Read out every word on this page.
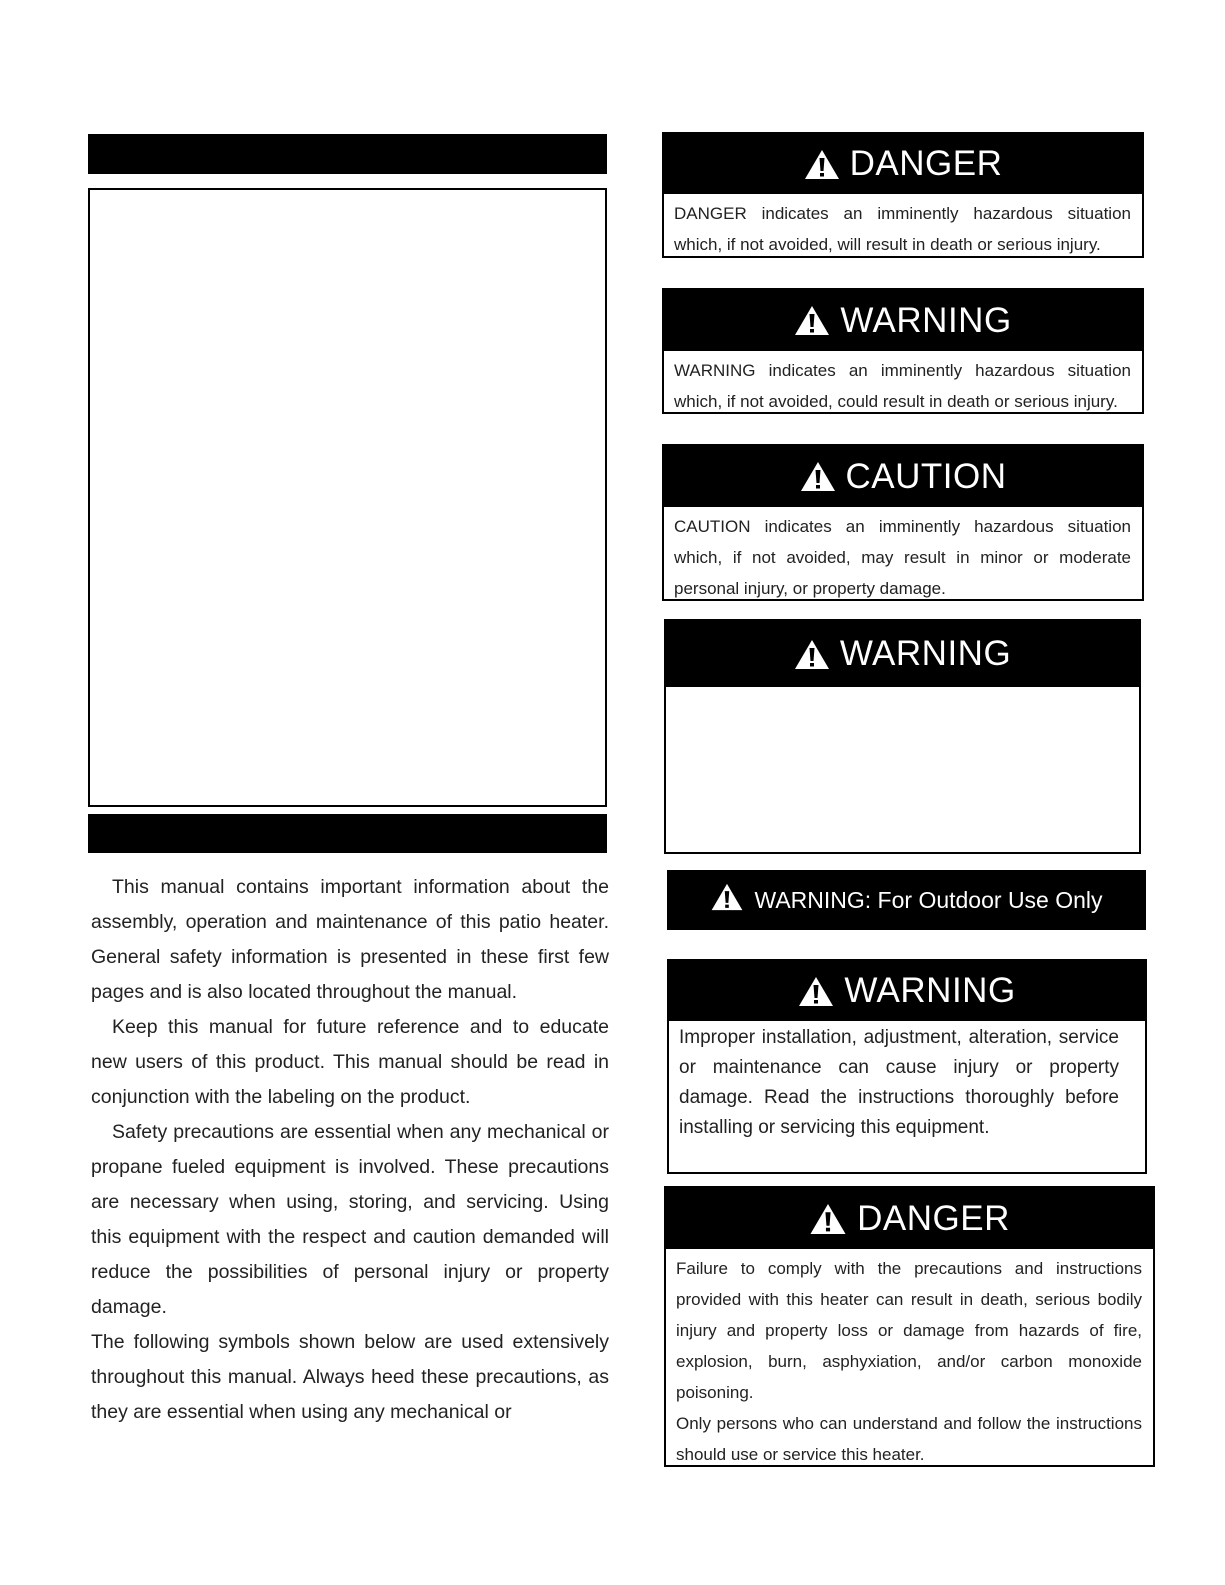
This manual contains important information about the assembly, operation and maintenance of this patio heater. General safety information is presented in these first few pages and is also located throughout the manual.

Keep this manual for future reference and to educate new users of this product. This manual should be read in conjunction with the labeling on the product.

Safety precautions are essential when any mechanical or propane fueled equipment is involved. These precautions are necessary when using, storing, and servicing. Using this equipment with the respect and caution demanded will reduce the possibilities of personal injury or property damage.

The following symbols shown below are used extensively throughout this manual. Always heed these precautions, as they are essential when using any mechanical or

DANGER

DANGER indicates an imminently hazardous situation which, if not avoided, will result in death or serious injury.

WARNING

WARNING indicates an imminently hazardous situation which, if not avoided, could result in death or serious injury.

CAUTION

CAUTION indicates an imminently hazardous situation which, if not avoided, may result in minor or moderate personal injury, or property damage.

WARNING
WARNING: For Outdoor Use Only
WARNING

Improper installation, adjustment, alteration, service or maintenance can cause injury or property damage. Read the instructions thoroughly before installing or servicing this equipment.

DANGER

Failure to comply with the precautions and instructions provided with this heater can result in death, serious bodily injury and property loss or damage from hazards of fire, explosion, burn, asphyxiation, and/or carbon monoxide poisoning.

Only persons who can understand and follow the instructions should use or service this heater.
